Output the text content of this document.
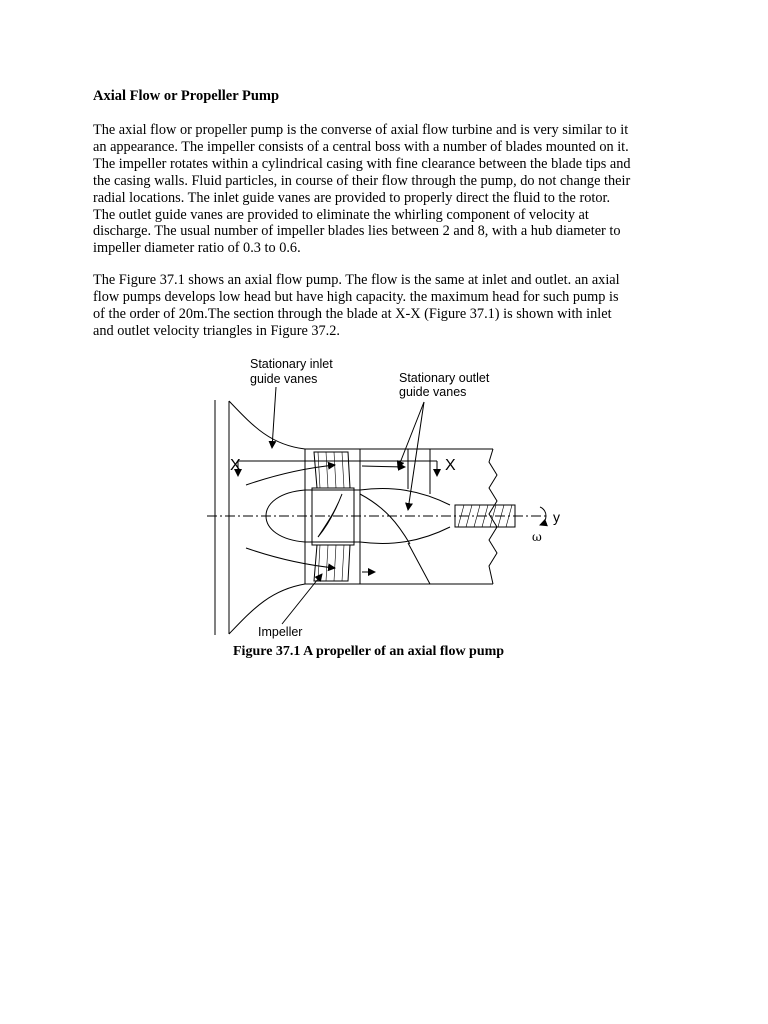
Axial Flow or Propeller Pump

The axial flow or propeller pump is the converse of axial flow turbine and is very similar to it
an appearance. The impeller consists of a central boss with a number of blades mounted on it.
The impeller rotates within a cylindrical casing with fine clearance between the blade tips and
the casing walls. Fluid particles, in course of their flow through the pump, do not change their
radial locations. The inlet guide vanes are provided to properly direct the fluid to the rotor.
The outlet guide vanes are provided to eliminate the whirling component of velocity at
discharge. The usual number of impeller blades lies between 2 and 8, with a hub diameter to
impeller diameter ratio of 0.3 to 0.6.

The Figure 37.1 shows an axial flow pump. The flow is the same at inlet and outlet. an axial
flow pumps develops low head but have high capacity. the maximum head for such pump is
of the order of 20m.The section through the blade at X-X (Figure 37.1) is shown with inlet
and outlet velocity triangles in Figure 37.2.

Stationary inlet

guide vanes	Stationary outlet

guide vanes

X	X

y

ω

Impeller

Figure 37.1 A propeller of an axial flow pump
